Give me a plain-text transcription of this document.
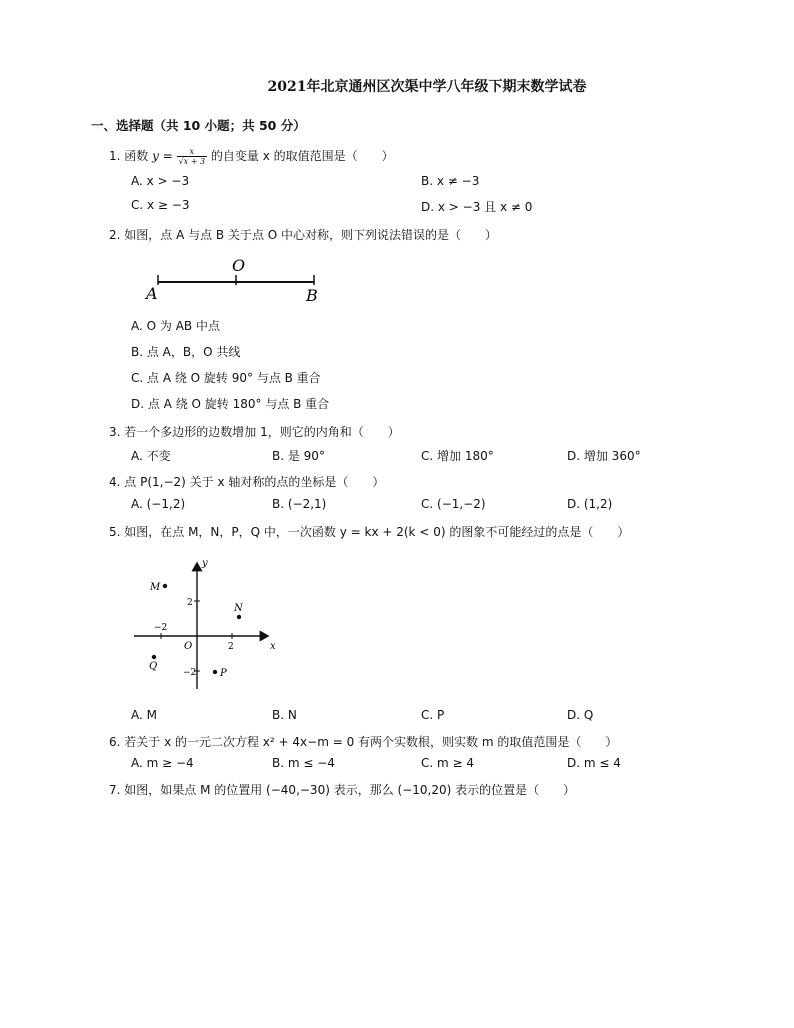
2021年北京通州区次渠中学八年级下期末数学试卷
一、选择题（共 10 小题；共 50 分）
1. 函数 $y = \frac{x}{√x + 3}$ 的自变量 x 的取值范围是（　　）
A. x > −3	B. x ≠ −3
C. x ≥ −3	D. x > −3 且 x ≠ 0
2. 如图，点 A 与点 B 关于点 O 中心对称，则下列说法错误的是（　　）
A
O
B
A. O 为 AB 中点
B. 点 A，B，O 共线
C. 点 A 绕 O 旋转 90° 与点 B 重合
D. 点 A 绕 O 旋转 180° 与点 B 重合
3. 若一个多边形的边数增加 1，则它的内角和（　　）
A. 不变	B. 是 90°	C. 增加 180°	D. 增加 360°
4. 点 P(1,−2) 关于 x 轴对称的点的坐标是（　　）
A. (−1,2)	B. (−2,1)	C. (−1,−2)	D. (1,2)
5. 如图，在点 M，N，P，Q 中，一次函数 y = kx + 2(k < 0) 的图象不可能经过的点是（　　）
x
y
O
−2
2
2
−2
M
N
Q
P
A. M	B. N	C. P	D. Q
6. 若关于 x 的一元二次方程 x² + 4x−m = 0 有两个实数根，则实数 m 的取值范围是（　　）
A. m ≥ −4	B. m ≤ −4	C. m ≥ 4	D. m ≤ 4
7. 如图，如果点 M 的位置用 (−40,−30) 表示，那么 (−10,20) 表示的位置是（　　）
